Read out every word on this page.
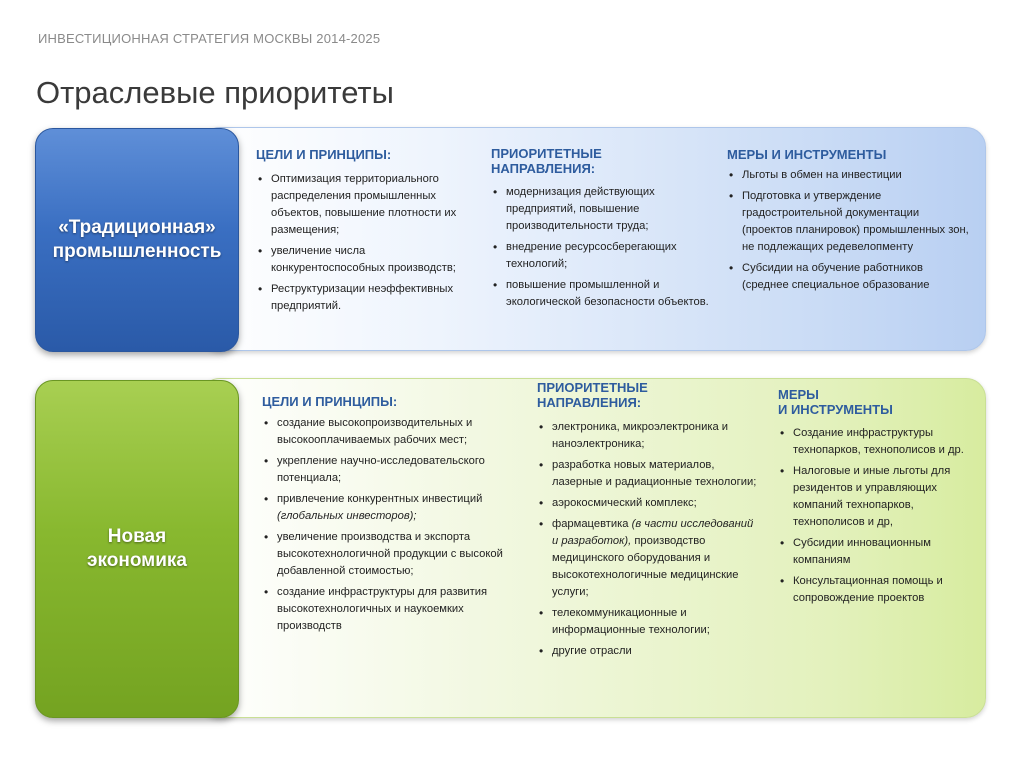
ИНВЕСТИЦИОННАЯ СТРАТЕГИЯ МОСКВЫ 2014-2025
Отраслевые приоритеты
«Традиционная»
промышленность
ЦЕЛИ И ПРИНЦИПЫ:
• Оптимизация территориального распределения промышленных объектов, повышение плотности их размещения;
• увеличение числа конкурентоспособных производств;
• Реструктуризации неэффективных предприятий.
ПРИОРИТЕТНЫЕ
НАПРАВЛЕНИЯ:
• модернизация действующих предприятий, повышение производительности труда;
• внедрение ресурсосберегающих технологий;
• повышение промышленной и экологической безопасности объектов.
МЕРЫ И ИНСТРУМЕНТЫ
• Льготы в обмен на инвестиции
• Подготовка и утверждение градостроительной документации (проектов планировок) промышленных зон, не подлежащих редевелопменту
• Субсидии на обучение работников (среднее специальное образование
Новая
экономика
ЦЕЛИ И ПРИНЦИПЫ:
• создание высокопроизводительных и высокооплачиваемых рабочих мест;
• укрепление научно-исследовательского потенциала;
• привлечение конкурентных инвестиций (глобальных инвесторов);
• увеличение производства и экспорта высокотехнологичной продукции с высокой добавленной стоимостью;
• создание инфраструктуры для развития высокотехнологичных и наукоемких производств
ПРИОРИТЕТНЫЕ
НАПРАВЛЕНИЯ:
• электроника, микроэлектроника и наноэлектроника;
• разработка новых материалов, лазерные и радиационные технологии;
• аэрокосмический комплекс;
• фармацевтика (в части исследований и разработок), производство медицинского оборудования и высокотехнологичные медицинские услуги;
• телекоммуникационные и информационные технологии;
• другие отрасли
МЕРЫ
И ИНСТРУМЕНТЫ
• Создание инфраструктуры технопарков, технополисов и др.
• Налоговые и иные льготы для резидентов и управляющих компаний технопарков, технополисов и др,
• Субсидии инновационным компаниям
• Консультационная помощь и сопровождение проектов
